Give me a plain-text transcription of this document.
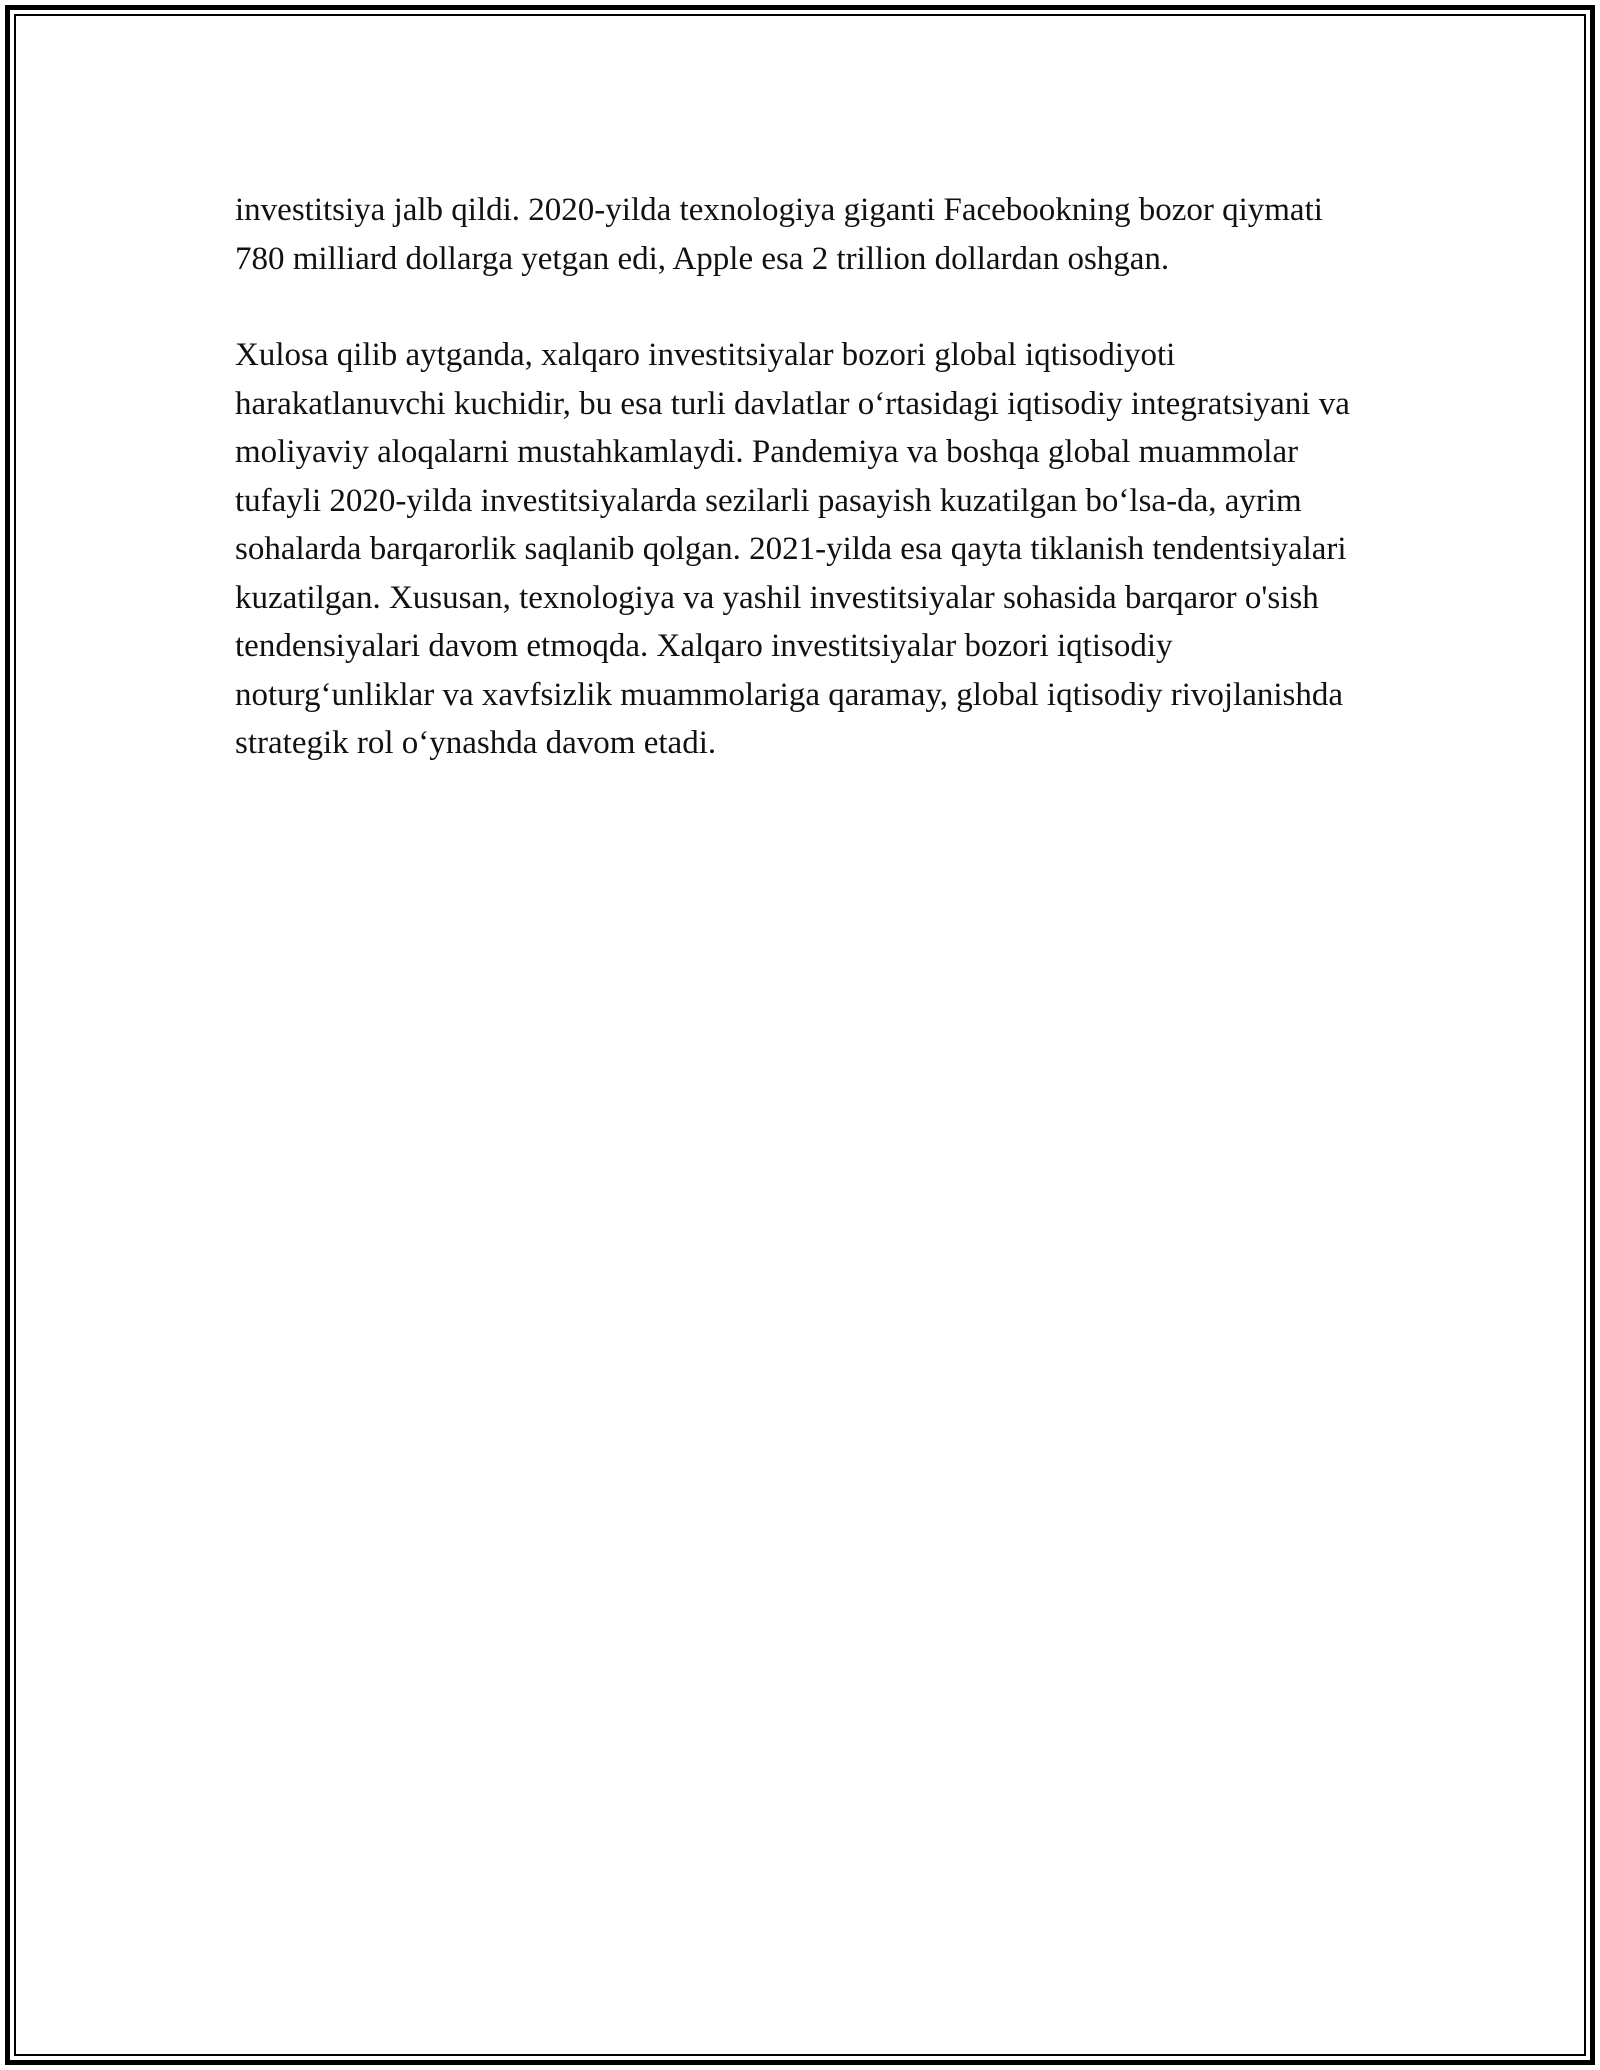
investitsiya jalb qildi. 2020-yilda texnologiya giganti Facebookning bozor qiymati 780 milliard dollarga yetgan edi, Apple esa 2 trillion dollardan oshgan.

Xulosa qilib aytganda, xalqaro investitsiyalar bozori global iqtisodiyoti harakatlanuvchi kuchidir, bu esa turli davlatlar o‘rtasidagi iqtisodiy integratsiyani va moliyaviy aloqalarni mustahkamlaydi. Pandemiya va boshqa global muammolar tufayli 2020-yilda investitsiyalarda sezilarli pasayish kuzatilgan bo‘lsa-da, ayrim sohalarda barqarorlik saqlanib qolgan. 2021-yilda esa qayta tiklanish tendentsiyalari kuzatilgan. Xususan, texnologiya va yashil investitsiyalar sohasida barqaror o'sish tendensiyalari davom etmoqda. Xalqaro investitsiyalar bozori iqtisodiy noturg‘unliklar va xavfsizlik muammolariga qaramay, global iqtisodiy rivojlanishda strategik rol o‘ynashda davom etadi.
